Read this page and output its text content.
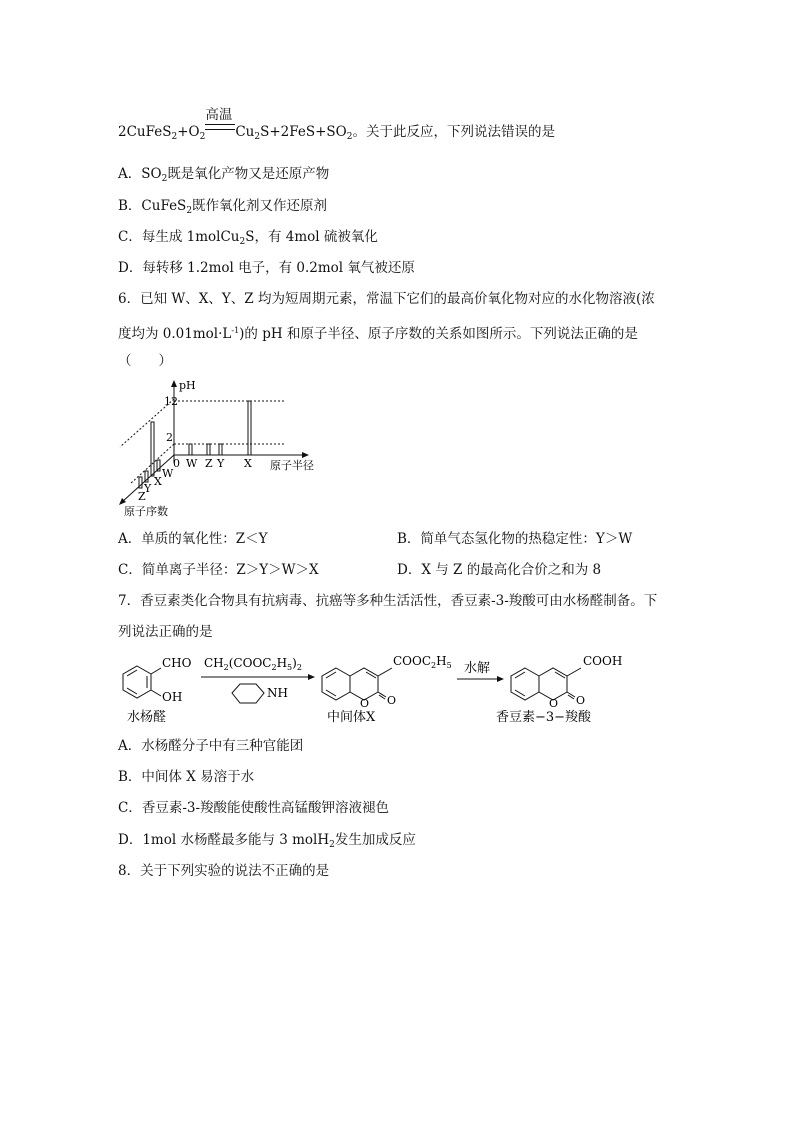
$2CuFeS_2+O_2$
高温
$Cu_2S+2FeS+SO_2$。关于此反应，下列说法错误的是
A．$SO_2$既是氧化产物又是还原产物
B．CuFeS$_2$既作氧化剂又作还原剂
C．每生成 1molCu$_2$S，有 4mol 硫被氧化
D．每转移 1.2mol 电子，有 0.2mol 氧气被还原
6．已知 W、X、Y、Z 均为短周期元素，常温下它们的最高价氧化物对应的水化物溶液(浓
度均为 $0.01mol\cdot L^{-1}$)的 pH 和原子半径、原子序数的关系如图所示。下列说法正确的是
（　　）
pH
原子半径
原子序数
12
2
0 W Z Y X
Z
Y
X
W
A．单质的氧化性：Z＜Y	B．简单气态氢化物的热稳定性：Y＞W
C．简单离子半径：Z＞Y＞W＞X	D．X 与 Z 的最高化合价之和为 8
7．香豆素类化合物具有抗病毒、抗癌等多种生活活性，香豆素-3-羧酸可由水杨醛制备。下
列说法正确的是
CHO
OH
水杨醛
$CH_2(COOC_2H_5)_2$
NH
O O
$COOC_2H_5$
中间体X
水解
O O
COOH
香豆素−3−羧酸
A．水杨醛分子中有三种官能团
B．中间体 X 易溶于水
C．香豆素-3-羧酸能使酸性高锰酸钾溶液褪色
D．1mol 水杨醛最多能与 3 molH$_2$发生加成反应
8．关于下列实验的说法不正确的是
